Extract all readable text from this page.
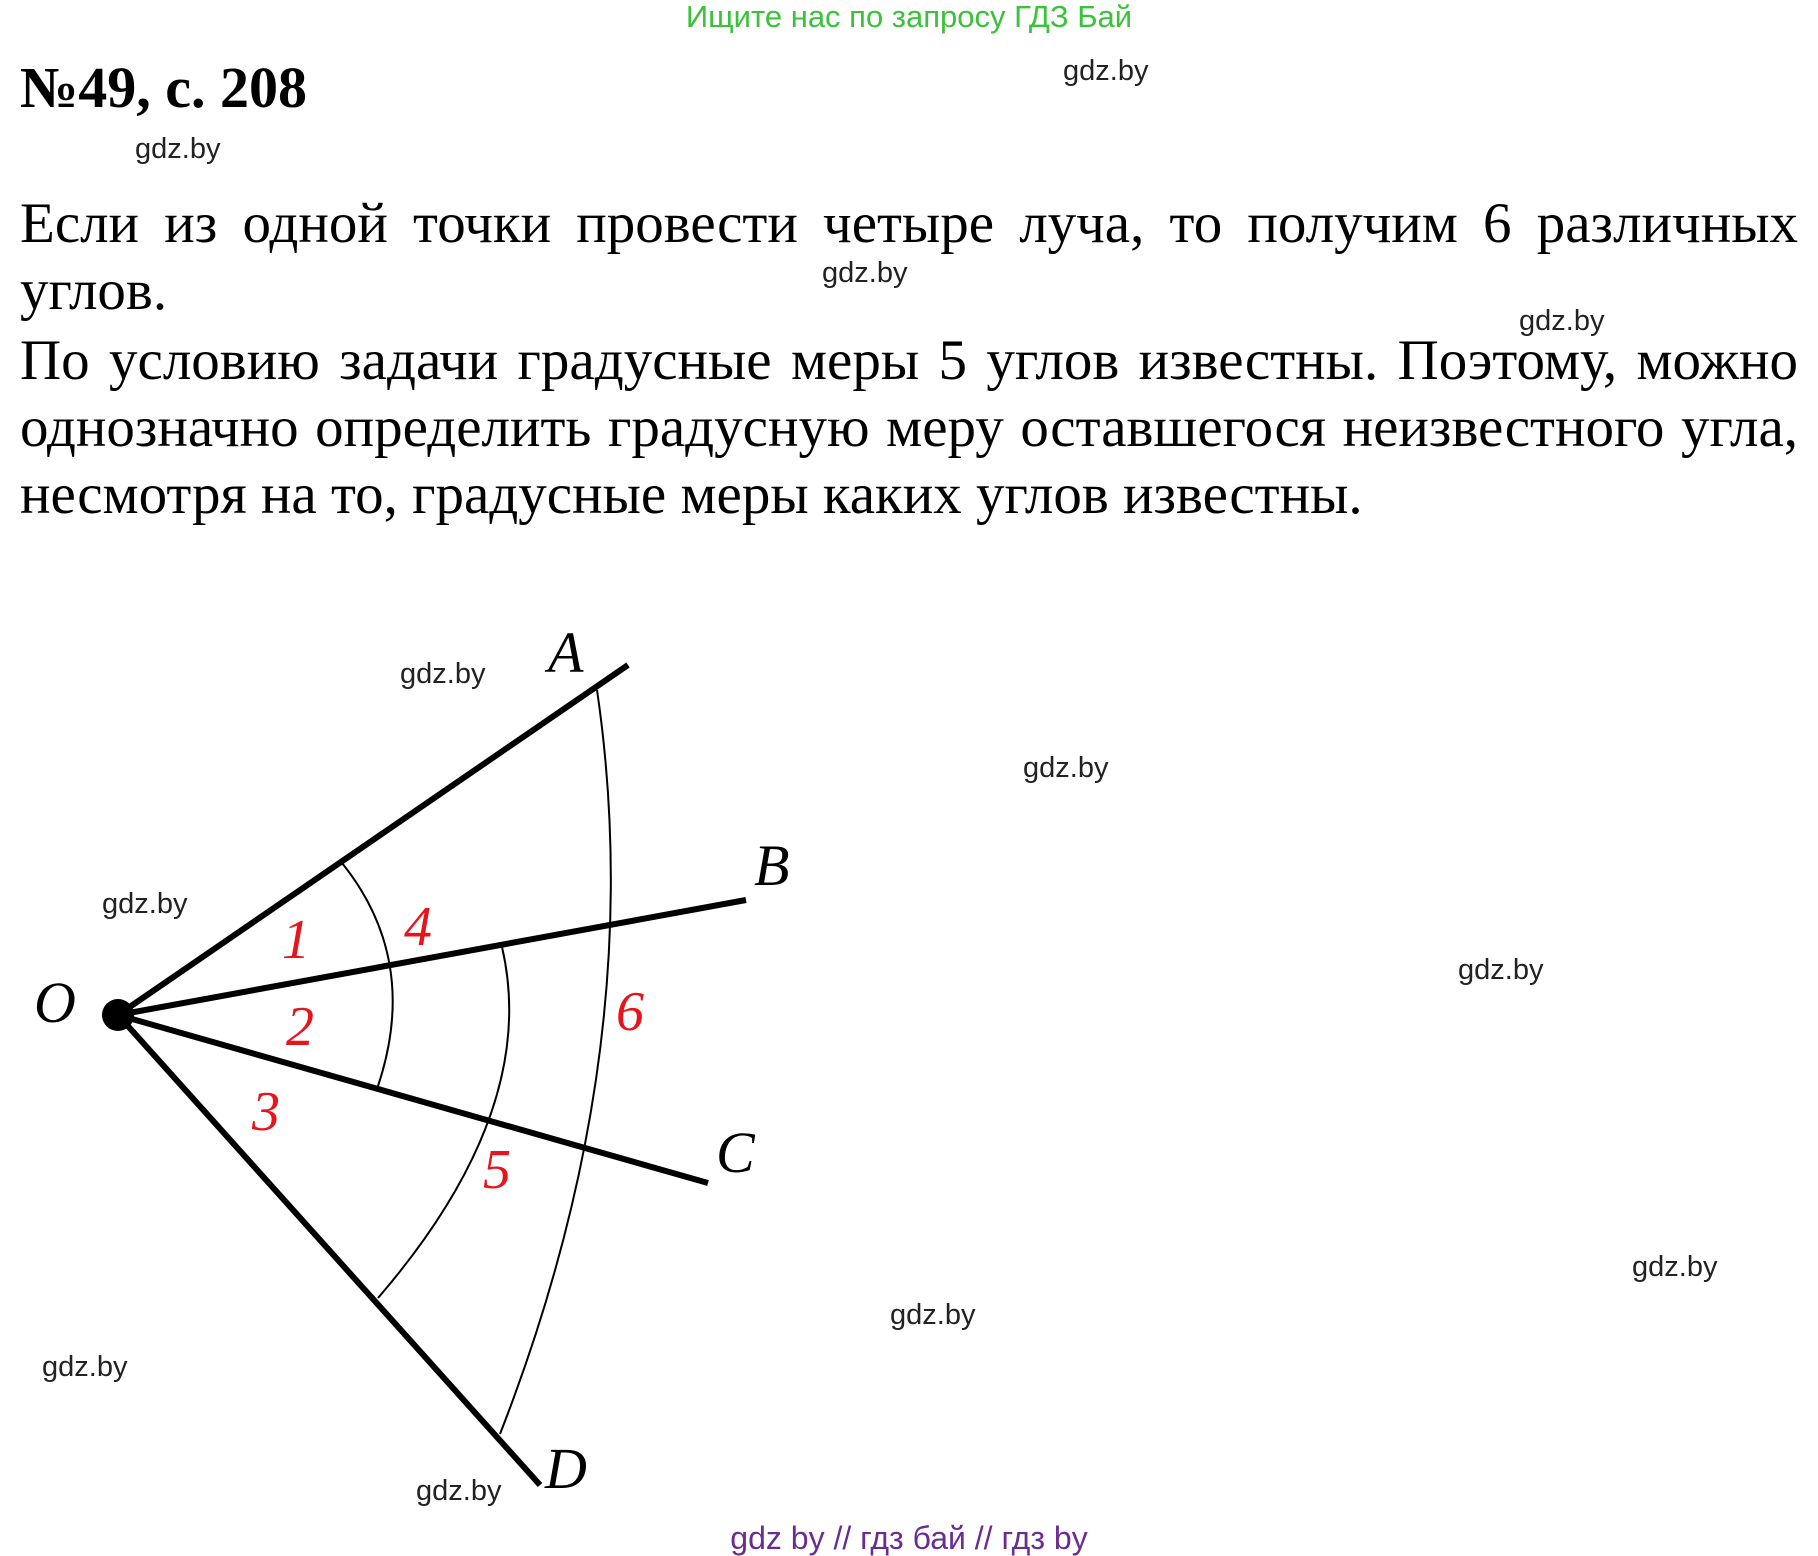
Ищите нас по запросу ГДЗ Бай
№49, с. 208
Если из одной точки провести четыре луча, то получим 6 различных углов.
По условию задачи градусные меры 5 углов известны. Поэтому, можно однозначно определить градусную меру оставшегося неизвестного угла, несмотря на то, градусные меры каких углов известны.
O
A
B
C
D
1
2
3
4
5
6
gdz.by
gdz.by
gdz.by
gdz.by
gdz.by
gdz.by
gdz.by
gdz.by
gdz.by
gdz.by
gdz.by
gdz.by
gdz by // гдз бай // гдз by
